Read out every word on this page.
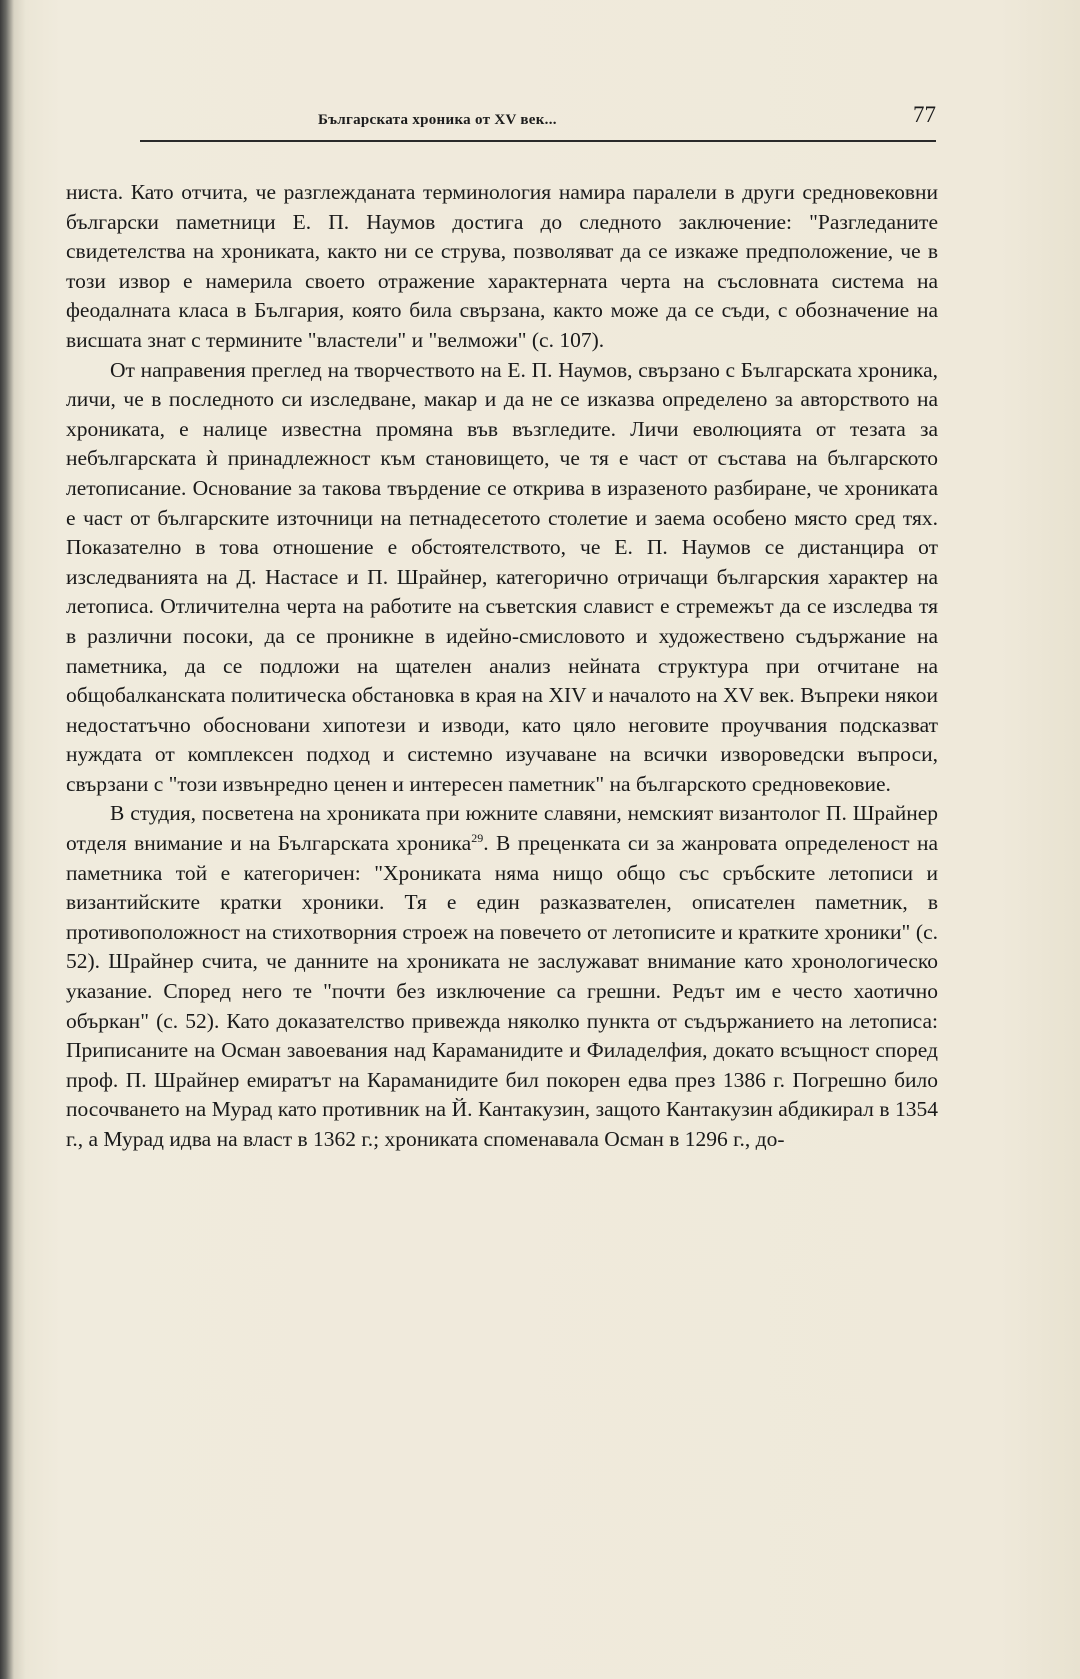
Българската хроника от XV век...	77

ниста. Като отчита, че разглежданата терминология намира паралели в други средновековни български паметници Е. П. Наумов достига до следното заключение: "Разгледаните свидетелства на хрониката, както ни се струва, позволяват да се изкаже предположение, че в този извор е намерила своето отражение характерната черта на съсловната система на феодалната класа в България, която била свързана, както може да се съди, с обозначение на висшата знат с термините "властели" и "велможи" (с. 107).

От направения преглед на творчеството на Е. П. Наумов, свързано с Българската хроника, личи, че в последното си изследване, макар и да не се изказва определено за авторството на хрониката, е налице известна промяна във възгледите. Личи еволюцията от тезата за небългарската ѝ принадлежност към становището, че тя е част от състава на българското летописание. Основание за такова твърдение се открива в изразеното разбиране, че хрониката е част от българските източници на петнадесетото столетие и заема особено място сред тях. Показателно в това отношение е обстоятелството, че Е. П. Наумов се дистанцира от изследванията на Д. Настасе и П. Шрайнер, категорично отричащи българския характер на летописа. Отличителна черта на работите на съветския славист е стремежът да се изследва тя в различни посоки, да се проникне в идейно-смисловото и художествено съдържание на паметника, да се подложи на щателен анализ нейната структура при отчитане на общобалканската политическа обстановка в края на XIV и началото на XV век. Въпреки някои недостатъчно обосновани хипотези и изводи, като цяло неговите проучвания подсказват нуждата от комплексен подход и системно изучаване на всички изворoведски въпроси, свързани с "този извънредно ценен и интересен паметник" на българското средновековие.

В студия, посветена на хрониката при южните славяни, немският византолог П. Шрайнер отделя внимание и на Българската хроника$^{29}$. В преценката си за жанровата определеност на паметника той е категоричен: "Хрониката няма нищо общо със сръбските летописи и византийските кратки хроники. Тя е един разказвателен, описателен паметник, в противоположност на стихотворния строеж на повечето от летописите и кратките хроники" (с. 52). Шрайнер счита, че данните на хрониката не заслужават внимание като хронологическо указание. Според него те "почти без изключение са грешни. Редът им е често хаотично объркан" (с. 52). Като доказателство привежда няколко пункта от съдържанието на летописа: Приписаните на Осман завоевания над Караманидите и Филаделфия, докато всъщност според проф. П. Шрайнер емиратът на Караманидите бил покорен едва през 1386 г. Погрешно било посочването на Мурад като противник на Й. Кантакузин, защото Кантакузин абдикирал в 1354 г., а Мурад идва на власт в 1362 г.; хрониката споменавала Осман в 1296 г., до-
